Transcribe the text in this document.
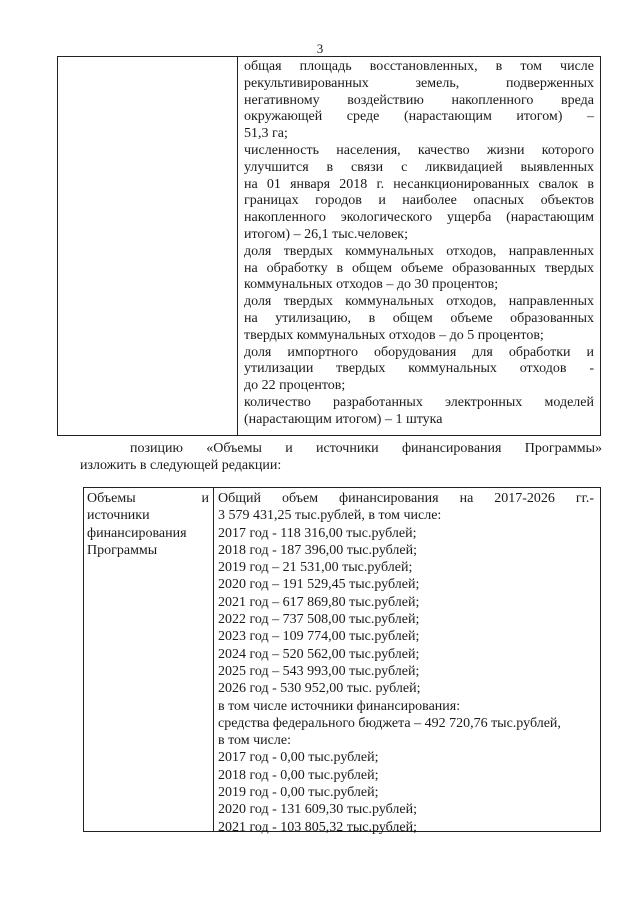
3
общая площадь восстановленных, в том числе
рекультивированных земель, подверженных
негативному воздействию накопленного вреда
окружающей среде (нарастающим итогом) –
51,3 га;
численность населения, качество жизни которого
улучшится в связи с ликвидацией выявленных
на 01 января 2018 г. несанкционированных свалок в
границах городов и наиболее опасных объектов
накопленного экологического ущерба (нарастающим
итогом) – 26,1 тыс.человек;
доля твердых коммунальных отходов, направленных
на обработку в общем объеме образованных твердых
коммунальных отходов – до 30 процентов;
доля твердых коммунальных отходов, направленных
на утилизацию, в общем объеме образованных
твердых коммунальных отходов – до 5 процентов;
доля импортного оборудования для обработки и
утилизации твердых коммунальных отходов -
до 22 процентов;
количество разработанных электронных моделей
(нарастающим итогом) – 1 штука
позицию «Объемы и источники финансирования Программы»
изложить в следующей редакции:
Объемы и
источники
финансирования
Программы
Общий объем финансирования на 2017-2026 гг.-
3 579 431,25 тыс.рублей, в том числе:
2017 год - 118 316,00 тыс.рублей;
2018 год - 187 396,00 тыс.рублей;
2019 год – 21 531,00 тыс.рублей;
2020 год – 191 529,45 тыс.рублей;
2021 год – 617 869,80 тыс.рублей;
2022 год – 737 508,00 тыс.рублей;
2023 год – 109 774,00 тыс.рублей;
2024 год – 520 562,00 тыс.рублей;
2025 год – 543 993,00 тыс.рублей;
2026 год - 530 952,00 тыс. рублей;
в том числе источники финансирования:
средства федерального бюджета – 492 720,76 тыс.рублей,
в том числе:
2017 год - 0,00 тыс.рублей;
2018 год - 0,00 тыс.рублей;
2019 год - 0,00 тыс.рублей;
2020 год - 131 609,30 тыс.рублей;
2021 год - 103 805,32 тыс.рублей;
